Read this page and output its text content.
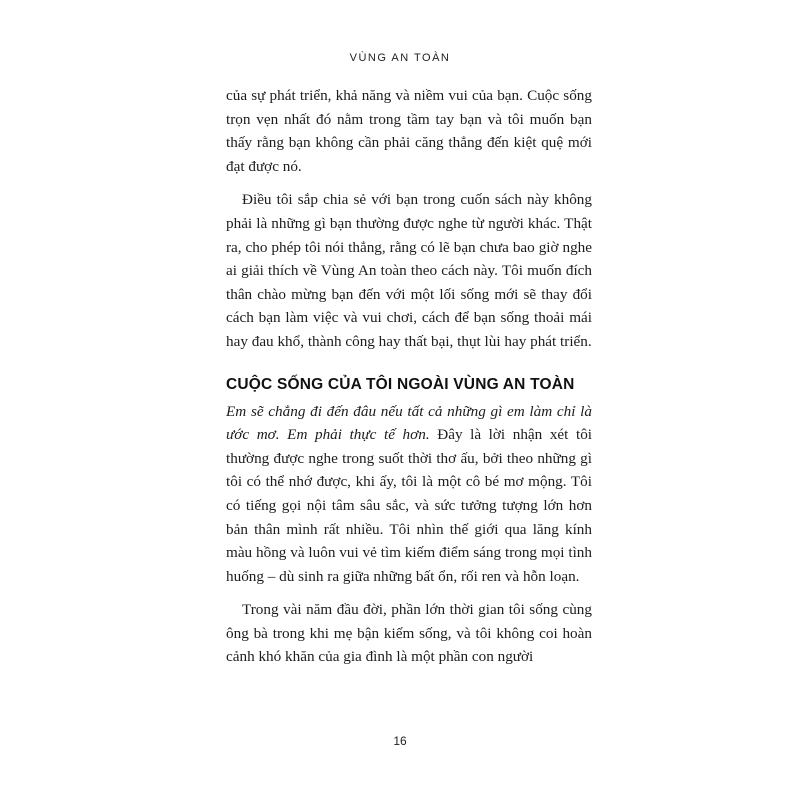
VÙNG AN TOÀN

của sự phát triển, khả năng và niềm vui của bạn. Cuộc sống trọn vẹn nhất đó nằm trong tầm tay bạn và tôi muốn bạn thấy rằng bạn không cần phải căng thẳng đến kiệt quệ mới đạt được nó.

Điều tôi sắp chia sẻ với bạn trong cuốn sách này không phải là những gì bạn thường được nghe từ người khác. Thật ra, cho phép tôi nói thẳng, rằng có lẽ bạn chưa bao giờ nghe ai giải thích về Vùng An toàn theo cách này. Tôi muốn đích thân chào mừng bạn đến với một lối sống mới sẽ thay đổi cách bạn làm việc và vui chơi, cách để bạn sống thoải mái hay đau khổ, thành công hay thất bại, thụt lùi hay phát triển.

CUỘC SỐNG CỦA TÔI NGOÀI VÙNG AN TOÀN

Em sẽ chẳng đi đến đâu nếu tất cả những gì em làm chỉ là ước mơ. Em phải thực tế hơn. Đây là lời nhận xét tôi thường được nghe trong suốt thời thơ ấu, bởi theo những gì tôi có thể nhớ được, khi ấy, tôi là một cô bé mơ mộng. Tôi có tiếng gọi nội tâm sâu sắc, và sức tưởng tượng lớn hơn bản thân mình rất nhiều. Tôi nhìn thế giới qua lăng kính màu hồng và luôn vui vẻ tìm kiếm điểm sáng trong mọi tình huống – dù sinh ra giữa những bất ổn, rối ren và hỗn loạn.

Trong vài năm đầu đời, phần lớn thời gian tôi sống cùng ông bà trong khi mẹ bận kiếm sống, và tôi không coi hoàn cảnh khó khăn của gia đình là một phần con người

16
